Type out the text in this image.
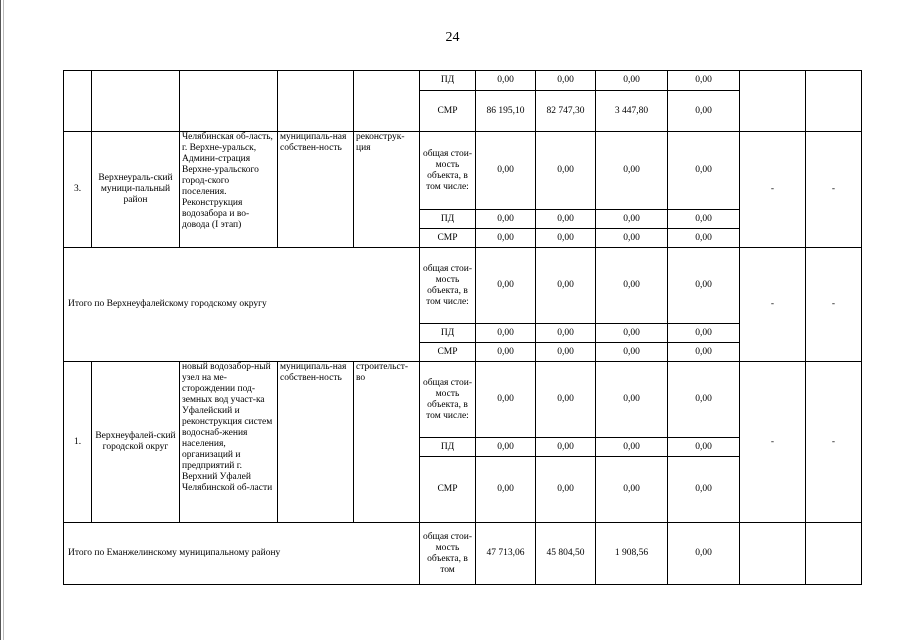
24
					ПД	0,00	0,00	0,00	0,00		
					СМР	86 195,10	82 747,30	3 447,80	0,00		
3.	Верхнеураль-ский муници-пальный район	Челябинская об-ласть, г. Верхне-уральск, Админи-страция Верхне-уральского город-ского поселения. Реконструкция водозабора и во-довода (I этап)	муниципаль-ная собствен-ность	реконструк-ция	общая стои-мость объекта, в том числе:	0,00	0,00	0,00	0,00	-	-
					ПД	0,00	0,00	0,00	0,00		
					СМР	0,00	0,00	0,00	0,00		
Итого по Верхнеуфалейскому городскому округу					общая стои-мость объекта, в том числе:	0,00	0,00	0,00	0,00	-	-
					ПД	0,00	0,00	0,00	0,00		
					СМР	0,00	0,00	0,00	0,00		
1.	Верхнеуфалей-ский городской округ	новый водозабор-ный узел на ме-сторождении под-земных вод участ-ка Уфалейский и реконструкция систем водоснаб-жения населения, организаций и предприятий г. Верхний Уфалей Челябинской об-ласти	муниципаль-ная собствен-ность	строительст-во	общая стои-мость объекта, в том числе:	0,00	0,00	0,00	0,00	-	-
					ПД	0,00	0,00	0,00	0,00		
					СМР	0,00	0,00	0,00	0,00		
Итого по Еманжелинскому муниципальному району					общая стои-мость объекта, в том	47 713,06	45 804,50	1 908,56	0,00		
